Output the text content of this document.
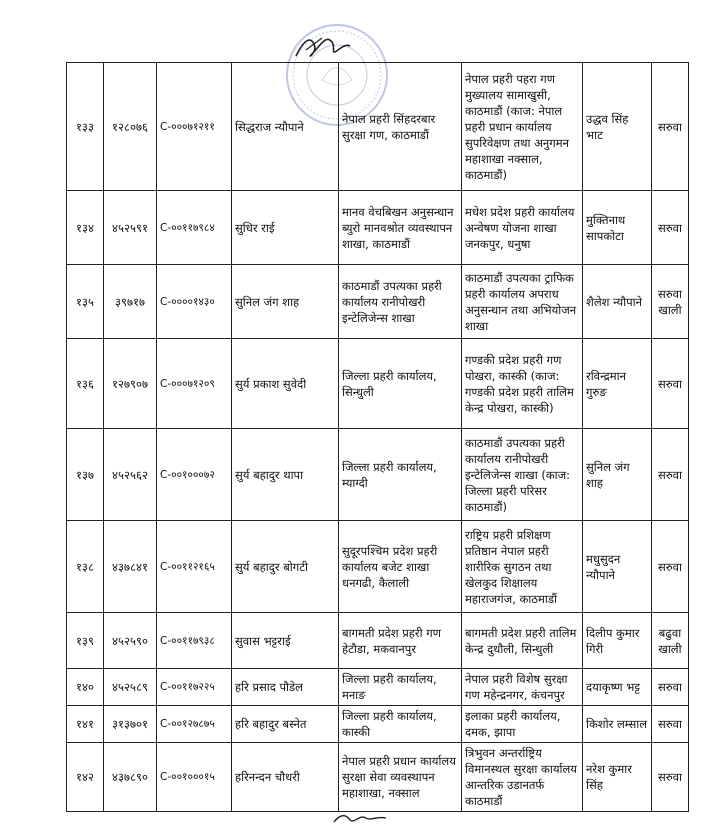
१३३	१२८०७६	C-०००७१२११	सिद्धराज न्यौपाने	नेपाल प्रहरी सिंहदरबार सुरक्षा गण, काठमाडौं	नेपाल प्रहरी पहरा गण मुख्यालय सामाखुसी, काठमाडौं (काज: नेपाल प्रहरी प्रधान कार्यालय सुपरिवेक्षण तथा अनुगमन महाशाखा नक्साल, काठमाडौं)	उद्धव सिंह भाट	सरुवा

१३४	४५२५९१	C-००११७९८४	सुधिर राई	मानव वेचबिखन अनुसन्धान ब्युरो मानवश्रोत व्यवस्थापन शाखा, काठमाडौं	मधेश प्रदेश प्रहरी कार्यालय अन्वेषण योजना शाखा जनकपुर, धनुषा	मुक्तिनाथ सापकोटा	सरुवा

१३५	३९७१७	C-००००१४३०	सुनिल जंग शाह	काठमाडौं उपत्यका प्रहरी कार्यालय रानीपोखरी इन्टेलिजेन्स शाखा	काठमाडौं उपत्यका ट्राफिक प्रहरी कार्यालय अपराध अनुसन्धान तथा अभियोजन शाखा	शैलेश न्यौपाने	सरुवा खाली

१३६	१२७९०७	C-०००७१२०९	सुर्य प्रकाश सुवेदी	जिल्ला प्रहरी कार्यालय, सिन्धुली	गण्डकी प्रदेश प्रहरी गण पोखरा, कास्की (काज: गण्डकी प्रदेश प्रहरी तालिम केन्द्र पोखरा, कास्की)	रविन्द्रमान गुरुङ	सरुवा

१३७	४५२५६२	C-००१०००७२	सुर्य बहादुर थापा	जिल्ला प्रहरी कार्यालय, म्याग्दी	काठमाडौं उपत्यका प्रहरी कार्यालय रानीपोखरी इन्टेलिजेन्स शाखा (काज: जिल्ला प्रहरी परिसर काठमाडौं)	सुनिल जंग शाह	सरुवा

१३८	४३७८४१	C-००११२१६५	सुर्य बहादुर बोगटी	सुदूरपश्चिम प्रदेश प्रहरी कार्यालय बजेट शाखा धनगढी, कैलाली	राष्ट्रिय प्रहरी प्रशिक्षण प्रतिष्ठान नेपाल प्रहरी शारीरिक सुगठन तथा खेलकुद शिक्षालय महाराजगंज, काठमाडौं	मधुसुदन न्यौपाने	सरुवा

१३९	४५२५९०	C-००११७९३८	सुवास भट्टराई	बागमती प्रदेश प्रहरी गण हेटौडा, मकवानपुर	बागमती प्रदेश प्रहरी तालिम केन्द्र दुधौली, सिन्धुली	दिलीप कुमार गिरी	बढुवा खाली

१४०	४५२५८९	C-००११७२२५	हरि प्रसाद पौडेल	जिल्ला प्रहरी कार्यालय, मनाङ	नेपाल प्रहरी विशेष सुरक्षा गण महेन्द्रनगर, कंचनपुर	दयाकृष्ण भट्ट	सरुवा

१४१	३१३७०१	C-००१२७८७५	हरि बहादुर बस्नेत	जिल्ला प्रहरी कार्यालय, कास्की	इलाका प्रहरी कार्यालय, दमक, झापा	किशोर लम्साल	सरुवा

१४२	४३७८९०	C-००१०००१५	हरिनन्दन चौधरी	नेपाल प्रहरी प्रधान कार्यालय सुरक्षा सेवा व्यवस्थापन महाशाखा, नक्साल	त्रिभुवन अन्तर्राष्ट्रिय विमानस्थल सुरक्षा कार्यालय आन्तरिक उडानतर्फ काठमाडौं	नरेश कुमार सिंह	सरुवा
